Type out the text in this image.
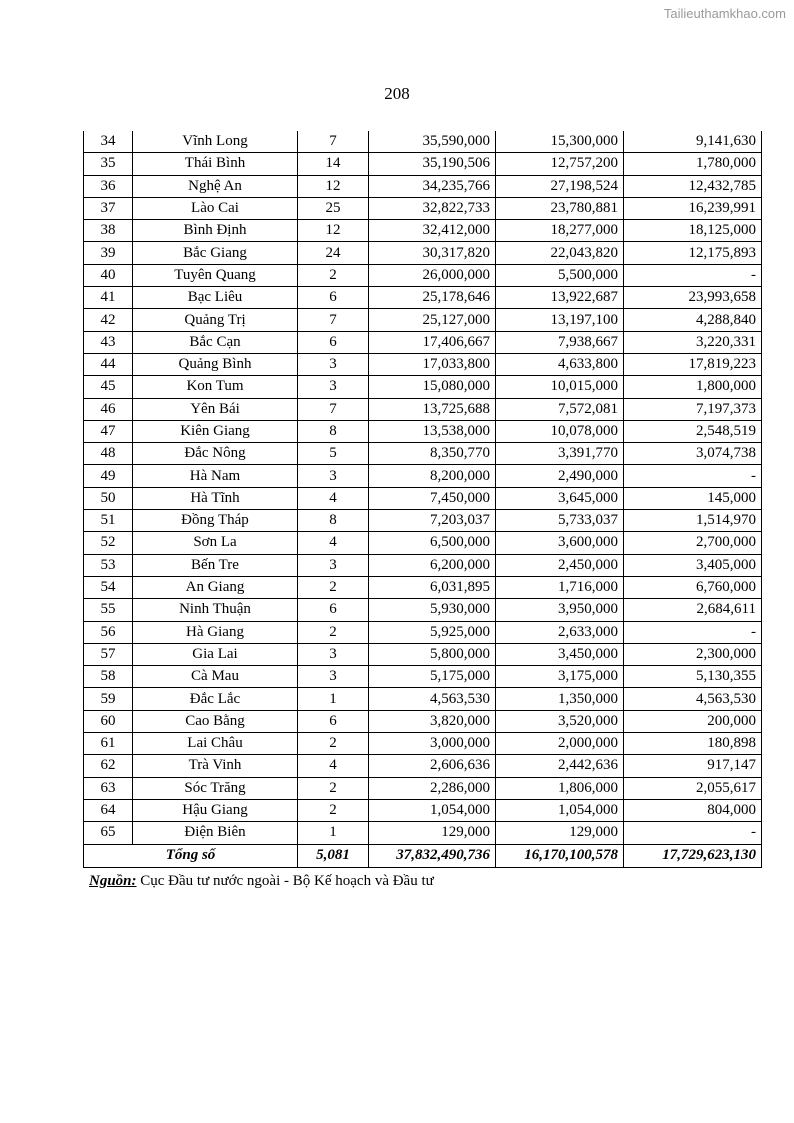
Tailieuthamkhao.com
208
34	Vĩnh Long	7	35,590,000	15,300,000	9,141,630
35	Thái Bình	14	35,190,506	12,757,200	1,780,000
36	Nghệ An	12	34,235,766	27,198,524	12,432,785
37	Lào Cai	25	32,822,733	23,780,881	16,239,991
38	Bình Định	12	32,412,000	18,277,000	18,125,000
39	Bắc Giang	24	30,317,820	22,043,820	12,175,893
40	Tuyên Quang	2	26,000,000	5,500,000	-
41	Bạc Liêu	6	25,178,646	13,922,687	23,993,658
42	Quảng Trị	7	25,127,000	13,197,100	4,288,840
43	Bắc Cạn	6	17,406,667	7,938,667	3,220,331
44	Quảng Bình	3	17,033,800	4,633,800	17,819,223
45	Kon Tum	3	15,080,000	10,015,000	1,800,000
46	Yên Bái	7	13,725,688	7,572,081	7,197,373
47	Kiên Giang	8	13,538,000	10,078,000	2,548,519
48	Đắc Nông	5	8,350,770	3,391,770	3,074,738
49	Hà Nam	3	8,200,000	2,490,000	-
50	Hà Tĩnh	4	7,450,000	3,645,000	145,000
51	Đồng Tháp	8	7,203,037	5,733,037	1,514,970
52	Sơn La	4	6,500,000	3,600,000	2,700,000
53	Bến Tre	3	6,200,000	2,450,000	3,405,000
54	An Giang	2	6,031,895	1,716,000	6,760,000
55	Ninh Thuận	6	5,930,000	3,950,000	2,684,611
56	Hà Giang	2	5,925,000	2,633,000	-
57	Gia Lai	3	5,800,000	3,450,000	2,300,000
58	Cà Mau	3	5,175,000	3,175,000	5,130,355
59	Đắc Lắc	1	4,563,530	1,350,000	4,563,530
60	Cao Bằng	6	3,820,000	3,520,000	200,000
61	Lai Châu	2	3,000,000	2,000,000	180,898
62	Trà Vinh	4	2,606,636	2,442,636	917,147
63	Sóc Trăng	2	2,286,000	1,806,000	2,055,617
64	Hậu Giang	2	1,054,000	1,054,000	804,000
65	Điện Biên	1	129,000	129,000	-
Tổng số		5,081	37,832,490,736	16,170,100,578	17,729,623,130
Nguồn: Cục Đầu tư nước ngoài - Bộ Kế hoạch và Đầu tư
